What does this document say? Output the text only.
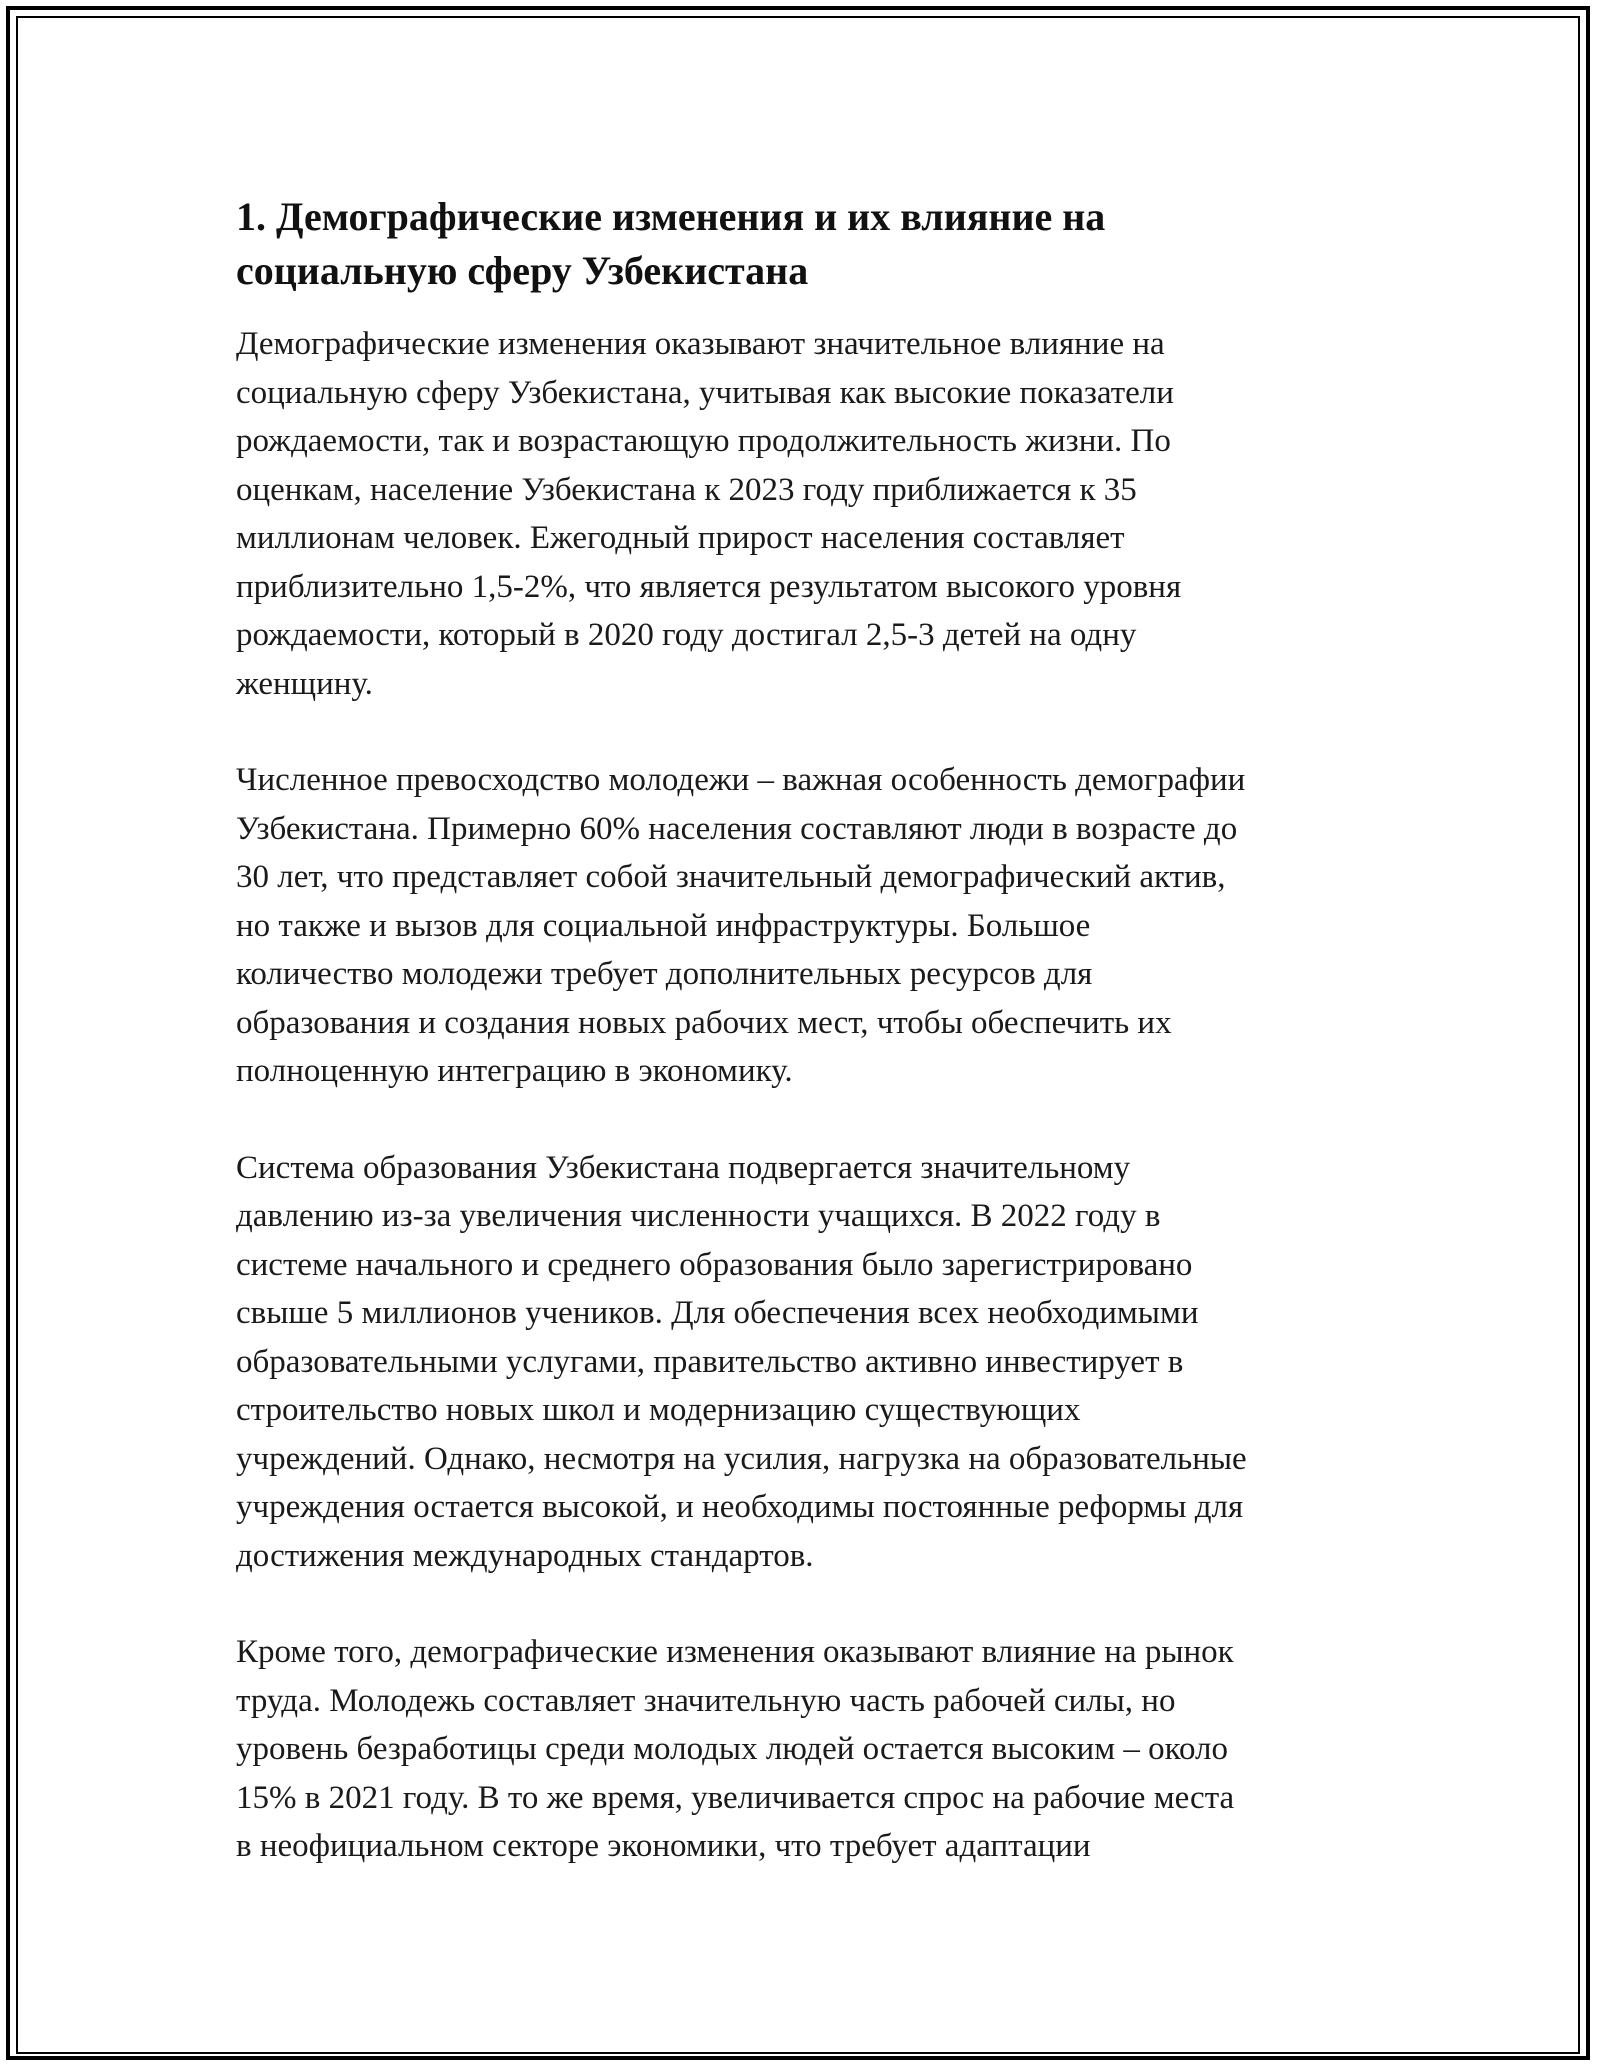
1. Демографические изменения и их влияние на
социальную сферу Узбекистана
Демографические изменения оказывают значительное влияние на
социальную сферу Узбекистана, учитывая как высокие показатели
рождаемости, так и возрастающую продолжительность жизни. По
оценкам, население Узбекистана к 2023 году приближается к 35
миллионам человек. Ежегодный прирост населения составляет
приблизительно 1,5-2%, что является результатом высокого уровня
рождаемости, который в 2020 году достигал 2,5-3 детей на одну
женщину.
Численное превосходство молодежи – важная особенность демографии
Узбекистана. Примерно 60% населения составляют люди в возрасте до
30 лет, что представляет собой значительный демографический актив,
но также и вызов для социальной инфраструктуры. Большое
количество молодежи требует дополнительных ресурсов для
образования и создания новых рабочих мест, чтобы обеспечить их
полноценную интеграцию в экономику.
Система образования Узбекистана подвергается значительному
давлению из-за увеличения численности учащихся. В 2022 году в
системе начального и среднего образования было зарегистрировано
свыше 5 миллионов учеников. Для обеспечения всех необходимыми
образовательными услугами, правительство активно инвестирует в
строительство новых школ и модернизацию существующих
учреждений. Однако, несмотря на усилия, нагрузка на образовательные
учреждения остается высокой, и необходимы постоянные реформы для
достижения международных стандартов.
Кроме того, демографические изменения оказывают влияние на рынок
труда. Молодежь составляет значительную часть рабочей силы, но
уровень безработицы среди молодых людей остается высоким – около
15% в 2021 году. В то же время, увеличивается спрос на рабочие места
в неофициальном секторе экономики, что требует адаптации
